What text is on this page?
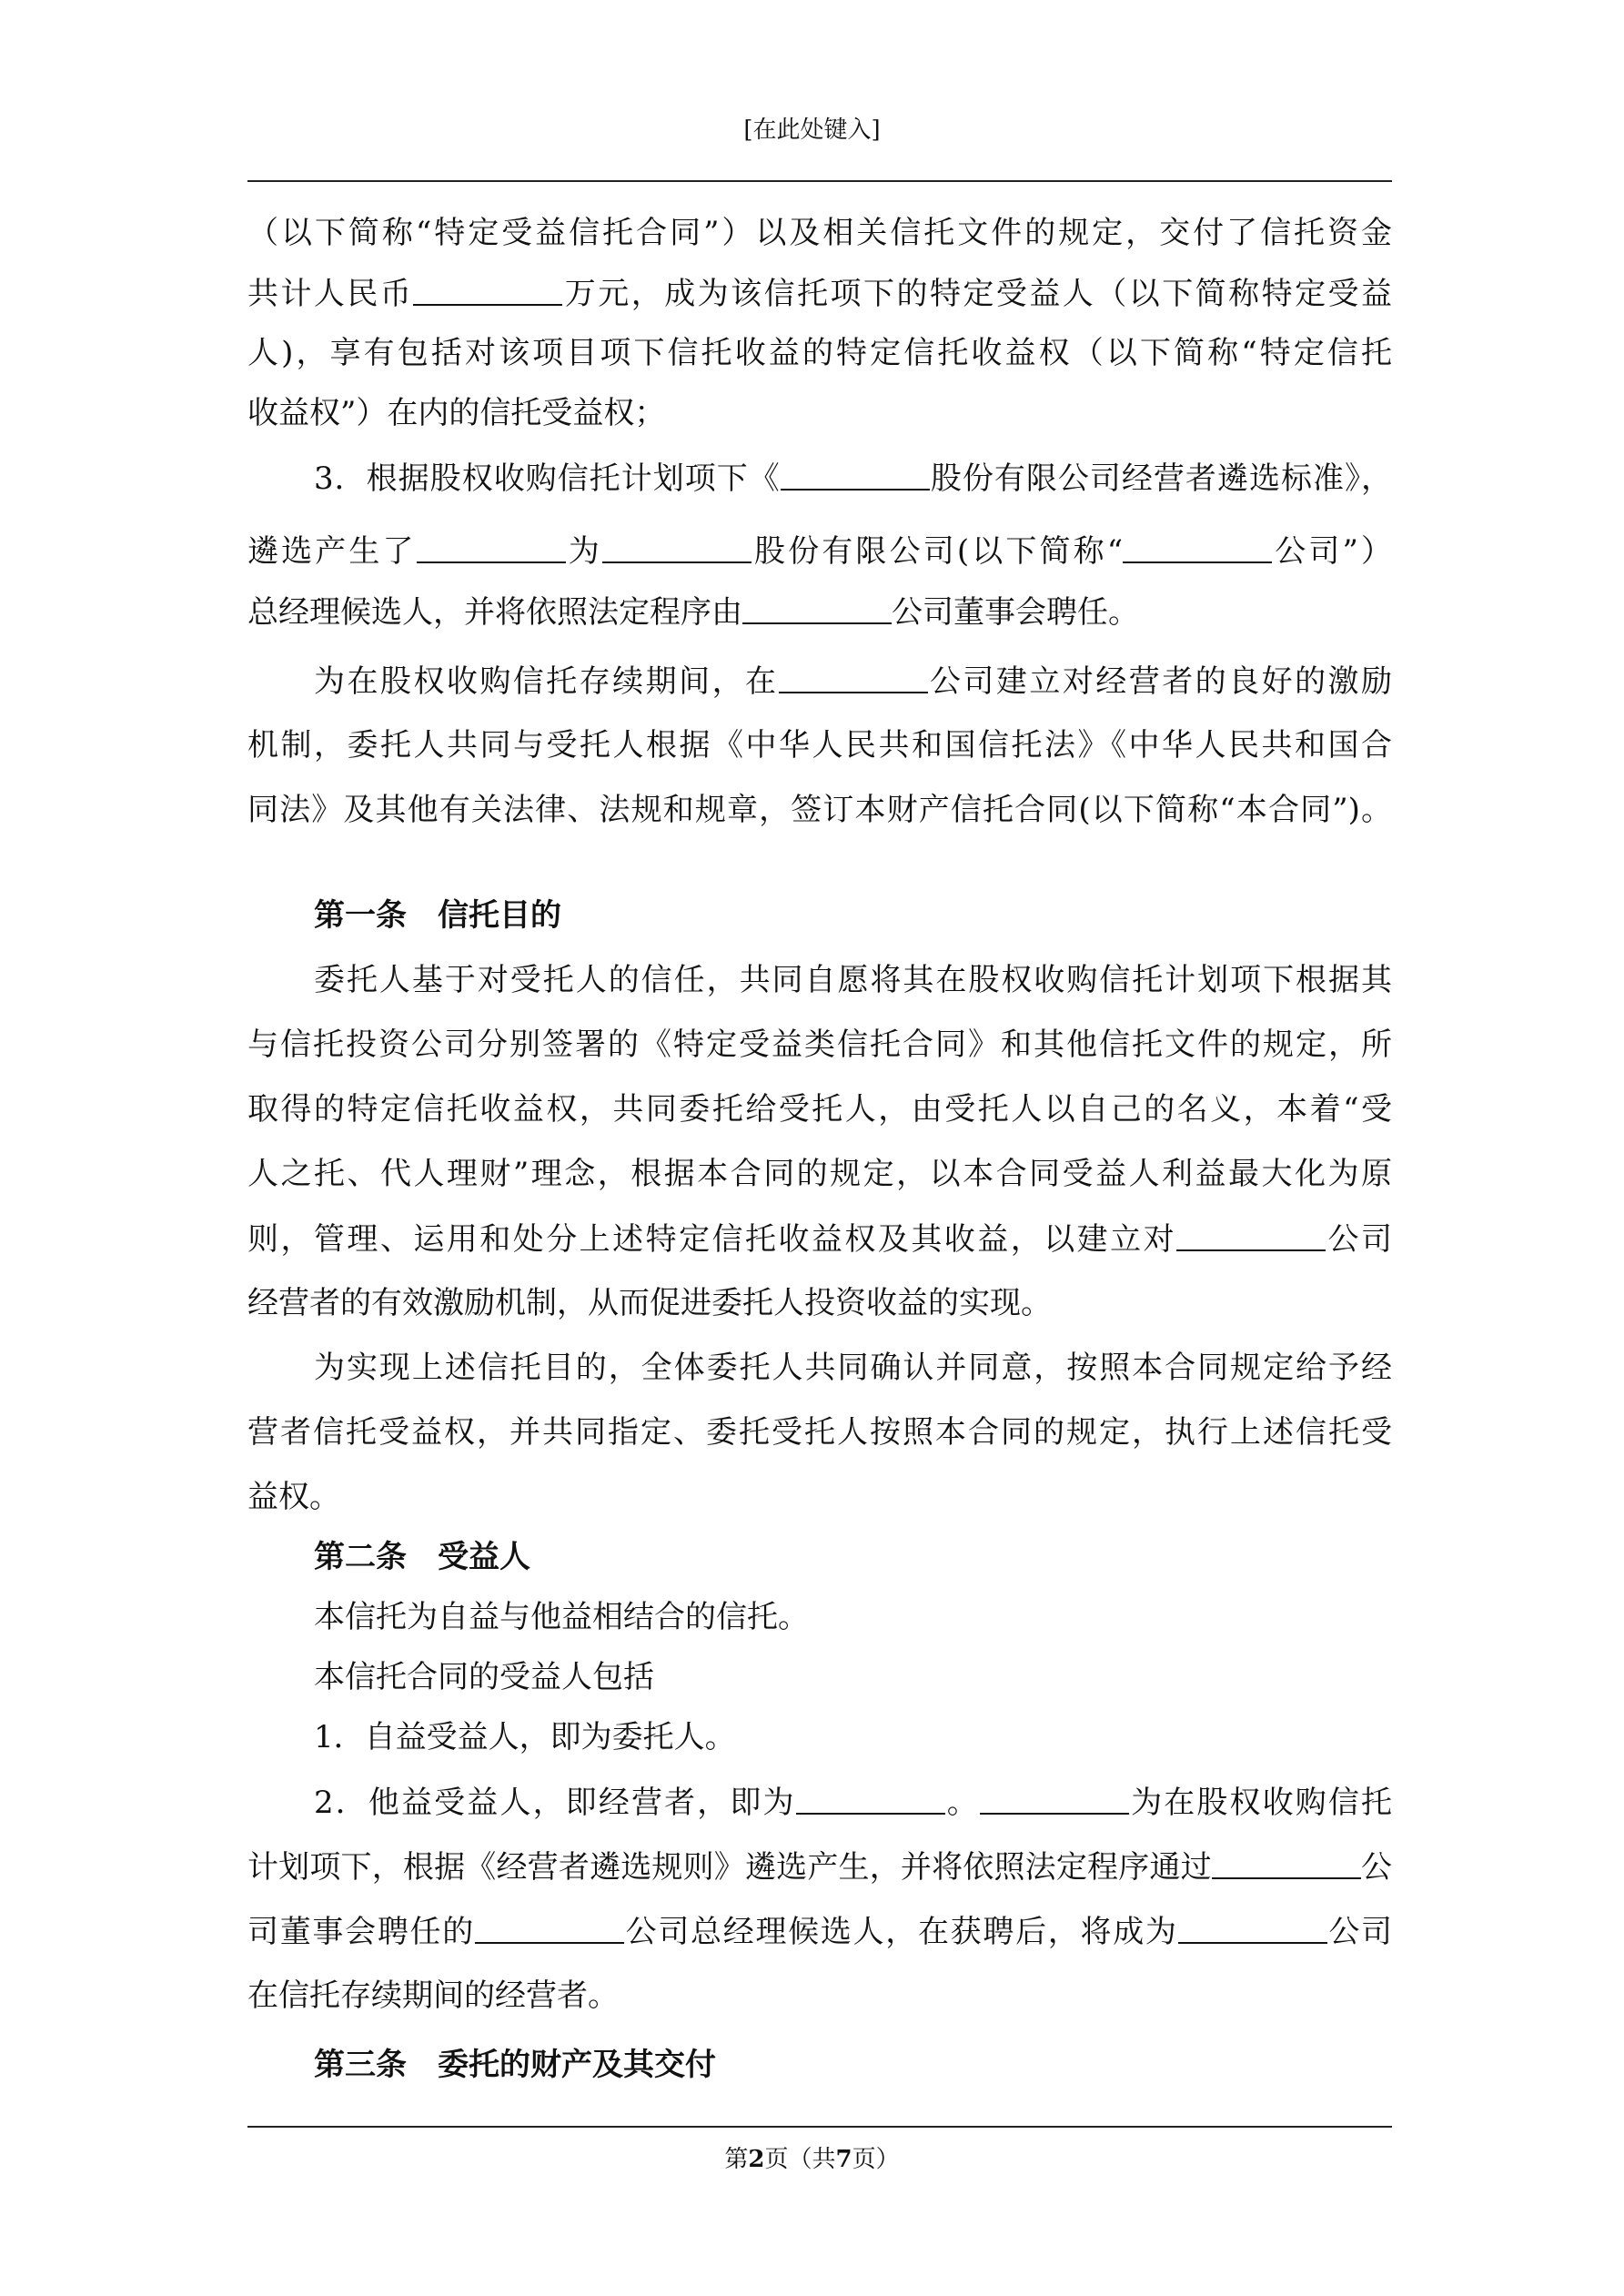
[在此处键入]
（以下简称“特定受益信托合同”）以及相关信托文件的规定，交付了信托资金
共计人民币	万元，成为该信托项下的特定受益人（以下简称特定受益
人)，享有包括对该项目项下信托收益的特定信托收益权（以下简称“特定信托
收益权”）在内的信托受益权；
3．根据股权收购信托计划项下《	股份有限公司经营者遴选标准》，
遴选产生了	为	股份有限公司(以下简称“	公司”）
总经理候选人，并将依照法定程序由	公司董事会聘任。
为在股权收购信托存续期间，在	公司建立对经营者的良好的激励
机制，委托人共同与受托人根据《中华人民共和国信托法》《中华人民共和国合
同法》及其他有关法律、法规和规章，签订本财产信托合同(以下简称“本合同”)。
第一条　信托目的
委托人基于对受托人的信任，共同自愿将其在股权收购信托计划项下根据其
与信托投资公司分别签署的《特定受益类信托合同》和其他信托文件的规定，所
取得的特定信托收益权，共同委托给受托人，由受托人以自己的名义，本着“受
人之托、代人理财”理念，根据本合同的规定，以本合同受益人利益最大化为原
则，管理、运用和处分上述特定信托收益权及其收益，以建立对	公司
经营者的有效激励机制，从而促进委托人投资收益的实现。
为实现上述信托目的，全体委托人共同确认并同意，按照本合同规定给予经
营者信托受益权，并共同指定、委托受托人按照本合同的规定，执行上述信托受
益权。
第二条　受益人
本信托为自益与他益相结合的信托。
本信托合同的受益人包括
1．自益受益人，即为委托人。
2．他益受益人，即经营者，即为	。	为在股权收购信托
计划项下，根据《经营者遴选规则》遴选产生，并将依照法定程序通过	公
司董事会聘任的	公司总经理候选人，在获聘后，将成为	公司
在信托存续期间的经营者。
第三条　委托的财产及其交付
第2页（共7页）
